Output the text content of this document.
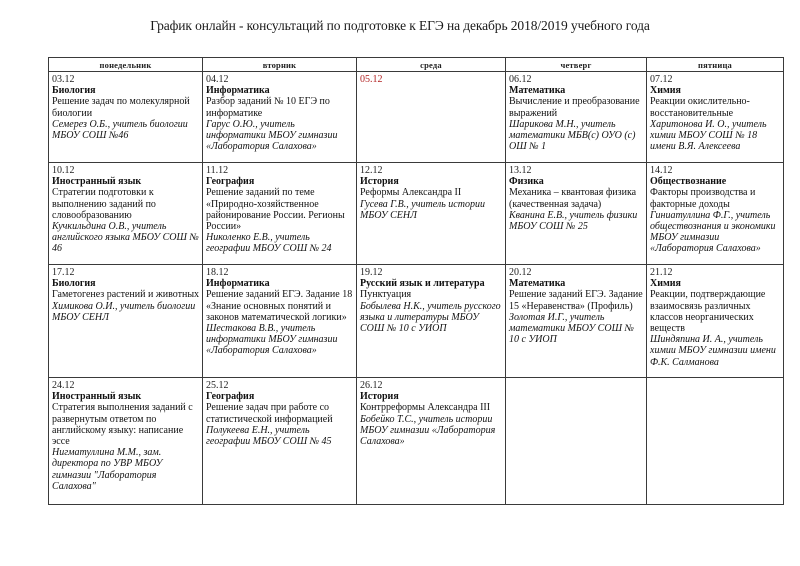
График онлайн - консультаций по подготовке к ЕГЭ на декабрь 2018/2019 учебного года
понедельник	вторник	среда	четверг	пятница

03.12
Биология
Решение задач по молекулярной биологии
Семерез О.Б., учитель биологии МБОУ СОШ №46	04.12
Информатика
Разбор заданий № 10 ЕГЭ по информатике
Гарус О.Ю., учитель информатики МБОУ гимназии «Лаборатория Салахова»	05.12	06.12
Математика
Вычисление и преобразование выражений
Шарикова М.Н., учитель математики МБВ(с) ОУО (с) ОШ № 1	07.12
Химия
Реакции окислительно-восстановительные
Харитонова И. О., учитель химии МБОУ СОШ № 18 имени В.Я. Алексеева

10.12
Иностранный язык
Стратегии подготовки к выполнению заданий по словообразованию
Кучкильдина О.В., учитель английского языка МБОУ СОШ № 46	11.12
География
Решение заданий по теме «Природно-хозяйственное районирование России. Регионы России»
Николенко Е.В., учитель географии МБОУ СОШ № 24	12.12
История
Реформы Александра II
Гусева Г.В., учитель истории МБОУ СЕНЛ	13.12
Физика
Механика – квантовая физика (качественная задача)
Кванина Е.В., учитель физики МБОУ СОШ № 25	14.12
Обществознание
Факторы производства и факторные доходы
Гиниатуллина Ф.Г., учитель обществознания и экономики МБОУ гимназии «Лаборатория Салахова»

17.12
Биология
Гаметогенез растений и животных
Химикова О.И., учитель биологии МБОУ СЕНЛ	18.12
Информатика
Решение заданий ЕГЭ. Задание 18 «Знание основных понятий и законов математической логики»
Шестакова В.В., учитель информатики МБОУ гимназии «Лаборатория Салахова»	19.12
Русский язык и литература
Пунктуация
Бобылева Н.К., учитель русского языка и литературы МБОУ СОШ № 10 с УИОП	20.12
Математика
Решение заданий ЕГЭ. Задание 15 «Неравенства» (Профиль)
Золотая И.Г., учитель математики МБОУ СОШ № 10 с УИОП	21.12
Химия
Реакции, подтверждающие взаимосвязь различных классов неорганических веществ
Шиндяпина И. А., учитель химии МБОУ гимназии имени Ф.К. Салманова

24.12
Иностранный язык
Стратегия выполнения заданий с развернутым ответом по английскому языку: написание эссе
Нигматуллина М.М., зам. директора по УВР МБОУ гимназии "Лаборатория Салахова"	25.12
География
Решение задач при работе со статистической информацией
Полукеева Е.Н., учитель географии МБОУ СОШ № 45	26.12
История
Контрреформы Александра III
Бобейко Т.С., учитель истории МБОУ гимназии «Лаборатория Салахова»		
